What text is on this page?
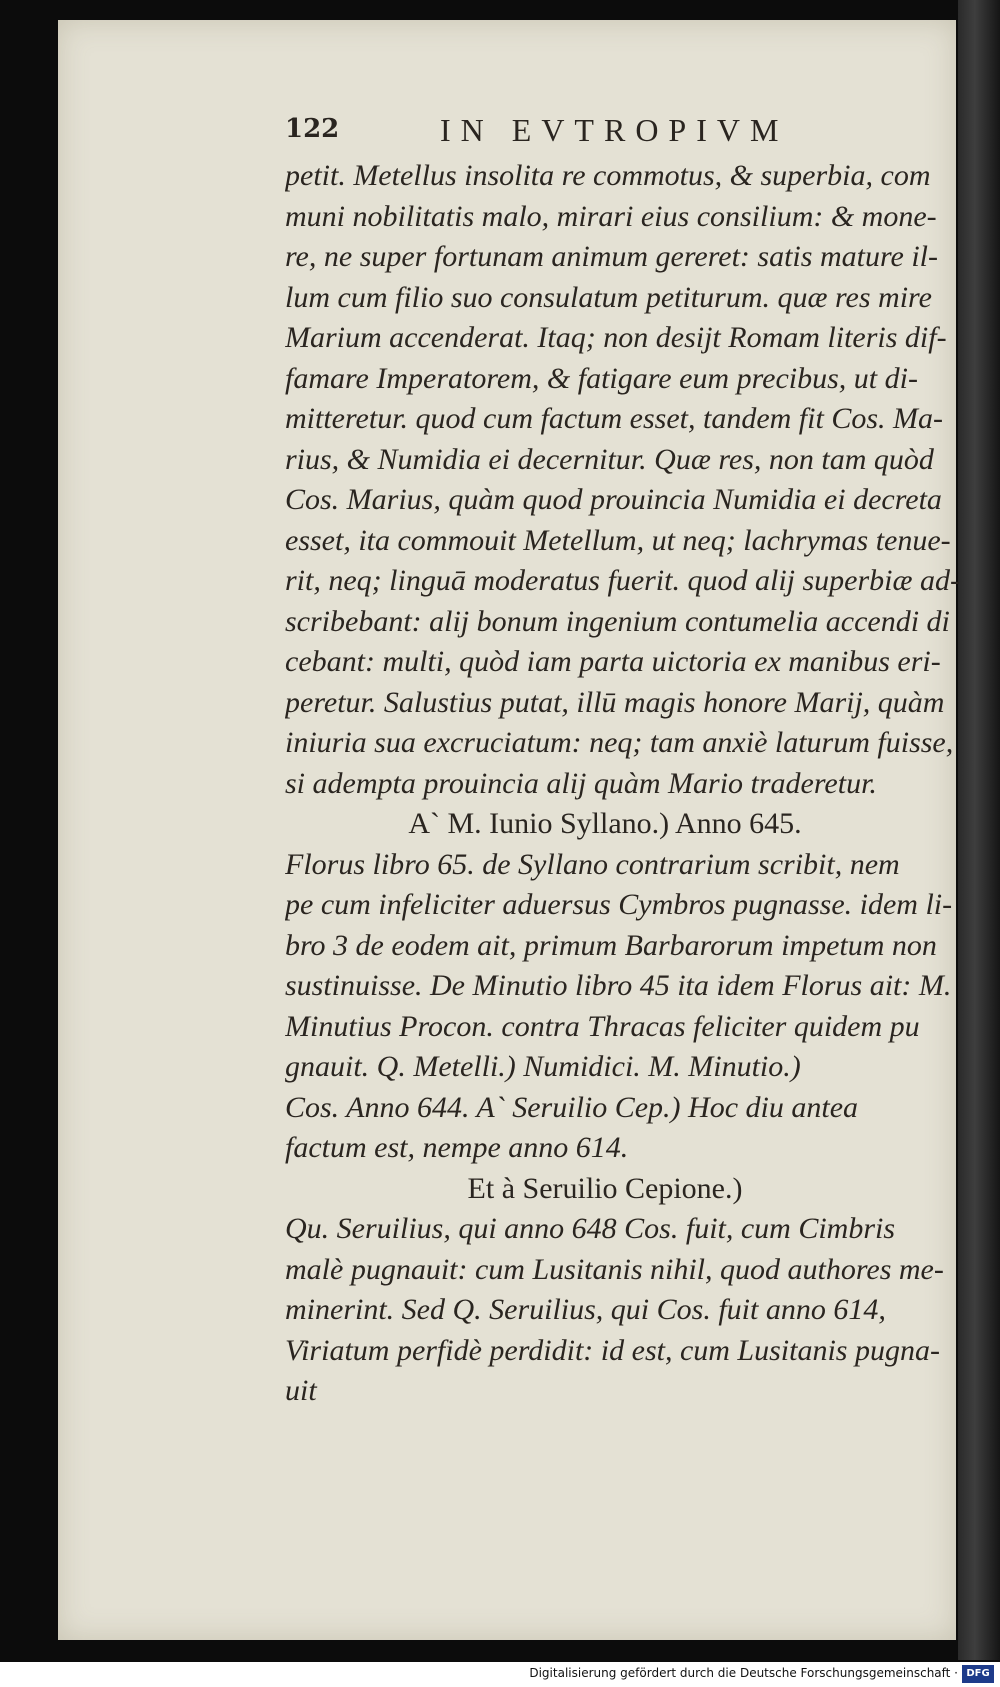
122	IN EVTROPIVM
petit. Metellus insolita re commotus, & superbia, com
muni nobilitatis malo, mirari eius consilium: & mone-
re, ne super fortunam animum gereret: satis mature il-
lum cum filio suo consulatum petiturum. quæ res mire
Marium accenderat. Itaq; non desijt Romam literis dif-
famare Imperatorem, & fatigare eum precibus, ut di-
mitteretur. quod cum factum esset, tandem fit Cos. Ma-
rius, & Numidia ei decernitur. Quæ res, non tam quòd
Cos. Marius, quàm quod prouincia Numidia ei decreta
esset, ita commouit Metellum, ut neq; lachrymas tenue-
rit, neq; linguā moderatus fuerit. quod alij superbiæ ad-
scribebant: alij bonum ingenium contumelia accendi di
cebant: multi, quòd iam parta uictoria ex manibus eri-
peretur. Salustius putat, illū magis honore Marij, quàm
iniuria sua excruciatum: neq; tam anxiè laturum fuisse,
si adempta prouincia alij quàm Mario traderetur.
A` M. Iunio Syllano.) Anno 645.
Florus libro 65. de Syllano contrarium scribit, nem
pe cum infeliciter aduersus Cymbros pugnasse. idem li-
bro 3 de eodem ait, primum Barbarorum impetum non
sustinuisse. De Minutio libro 45 ita idem Florus ait: M.
Minutius Procon. contra Thracas feliciter quidem pu
gnauit. Q. Metelli.) Numidici. M. Minutio.)
Cos. Anno 644. A` Seruilio Cep.) Hoc diu antea
factum est, nempe anno 614.
Et à Seruilio Cepione.)
Qu. Seruilius, qui anno 648 Cos. fuit, cum Cimbris
malè pugnauit: cum Lusitanis nihil, quod authores me-
minerint. Sed Q. Seruilius, qui Cos. fuit anno 614,
Viriatum perfidè perdidit: id est, cum Lusitanis pugna-
uit
Digitalisierung gefördert durch die Deutsche Forschungsgemeinschaft · DFG
